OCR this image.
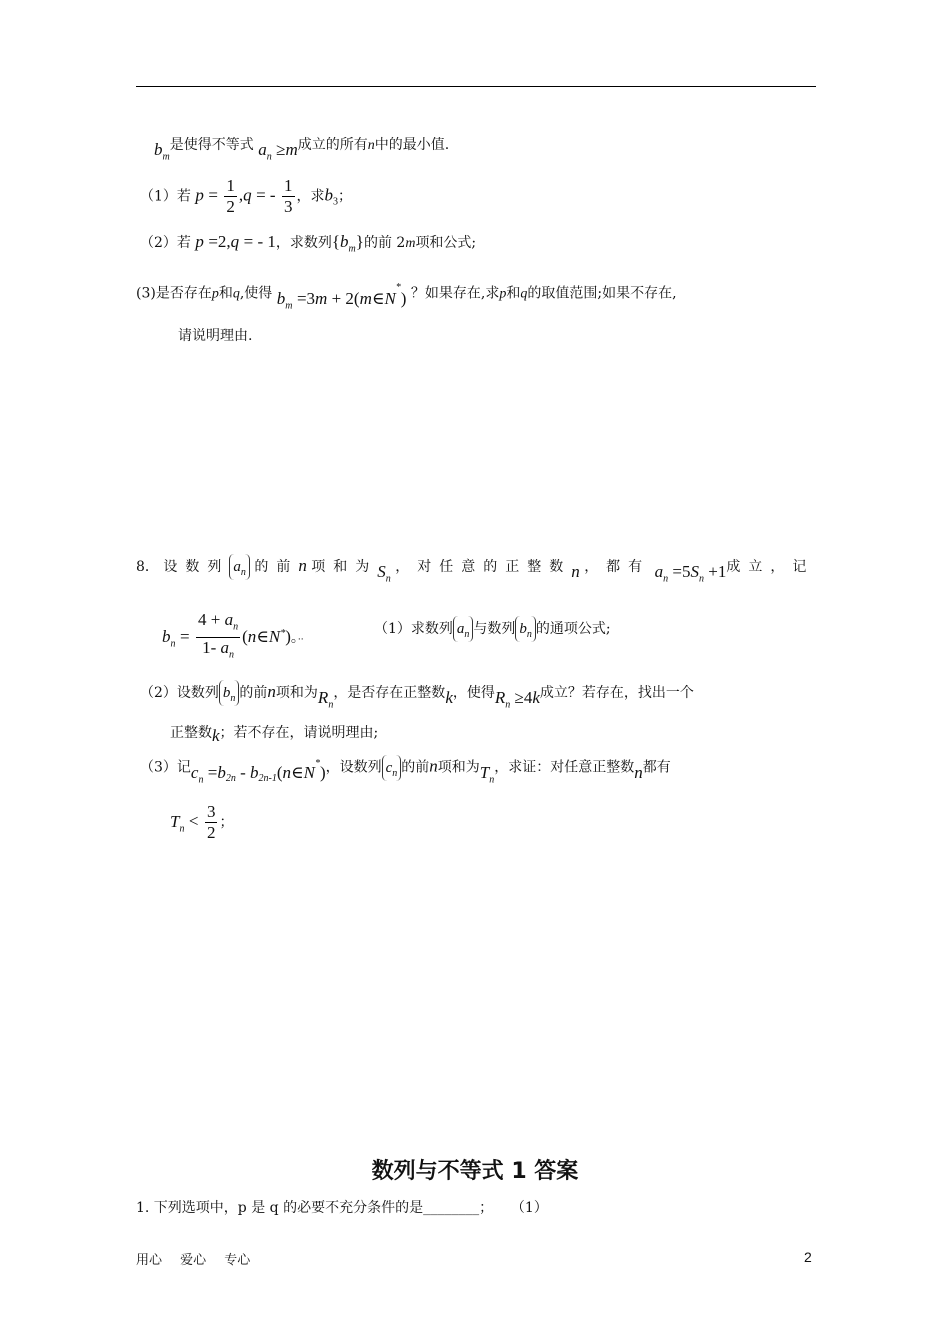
$b_m$是使得不等式 $a_n \ge m$成立的所有n中的最小值.
（1）若 $p = \frac{1}{2} ,q$ = - $\frac{1}{3}$ ，求$b_3$；
（2）若 p =2,q = - 1，求数列$\{b_m\}$的前 2m项和公式;
(3)是否存在p和q,使得 $b_m =3m$ + 2(m∈N*) ？如果存在,求p和q的取值范围;如果不存在,
请说明理由.
8． 设数列 $a_n$ 的前n 项和为$S_n$ ，对任意的正整数n ，都有 $a_n =5S_n +1$成立，记
$b_n = \frac{4 + a_n}{1- a_n}$ (n∈N*)。··
（1）求数列 $a_n$ 与数列 $b_n$ 的通项公式;
（2）设数列 $b_n$ 的前n项和为$R_n$，是否存在正整数k，使得$R_n \ge 4k$成立？若存在，找出一个
正整数k；若不存在，请说明理由;
（3）记$c_n =b_{2n}$ - $b_{2n-1}(n\in N^*)$，设数列 $c_n$ 的前n项和为$T_n$，求证：对任意正整数n都有
$T_n < \frac{3}{2}$ ；
数列与不等式 1 答案
1. 下列选项中，p 是 q 的必要不充分条件的是________； （1）
用心 爱心 专心	2
